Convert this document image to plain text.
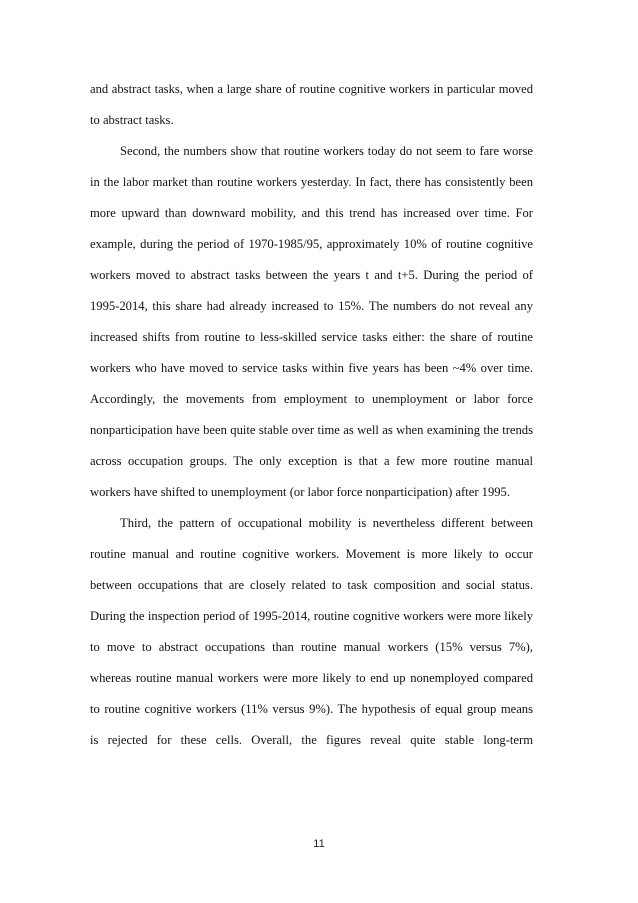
and abstract tasks, when a large share of routine cognitive workers in particular moved
to abstract tasks.

Second, the numbers show that routine workers today do not seem to fare worse
in the labor market than routine workers yesterday. In fact, there has consistently been
more upward than downward mobility, and this trend has increased over time. For
example, during the period of 1970-1985/95, approximately 10% of routine cognitive
workers moved to abstract tasks between the years t and t+5. During the period of
1995-2014, this share had already increased to 15%. The numbers do not reveal any
increased shifts from routine to less-skilled service tasks either: the share of routine
workers who have moved to service tasks within five years has been ~4% over time.
Accordingly, the movements from employment to unemployment or labor force
nonparticipation have been quite stable over time as well as when examining the trends
across occupation groups. The only exception is that a few more routine manual
workers have shifted to unemployment (or labor force nonparticipation) after 1995.

Third, the pattern of occupational mobility is nevertheless different between
routine manual and routine cognitive workers. Movement is more likely to occur
between occupations that are closely related to task composition and social status.
During the inspection period of 1995-2014, routine cognitive workers were more likely
to move to abstract occupations than routine manual workers (15% versus 7%),
whereas routine manual workers were more likely to end up nonemployed compared
to routine cognitive workers (11% versus 9%). The hypothesis of equal group means
is rejected for these cells. Overall, the figures reveal quite stable long-term

11
